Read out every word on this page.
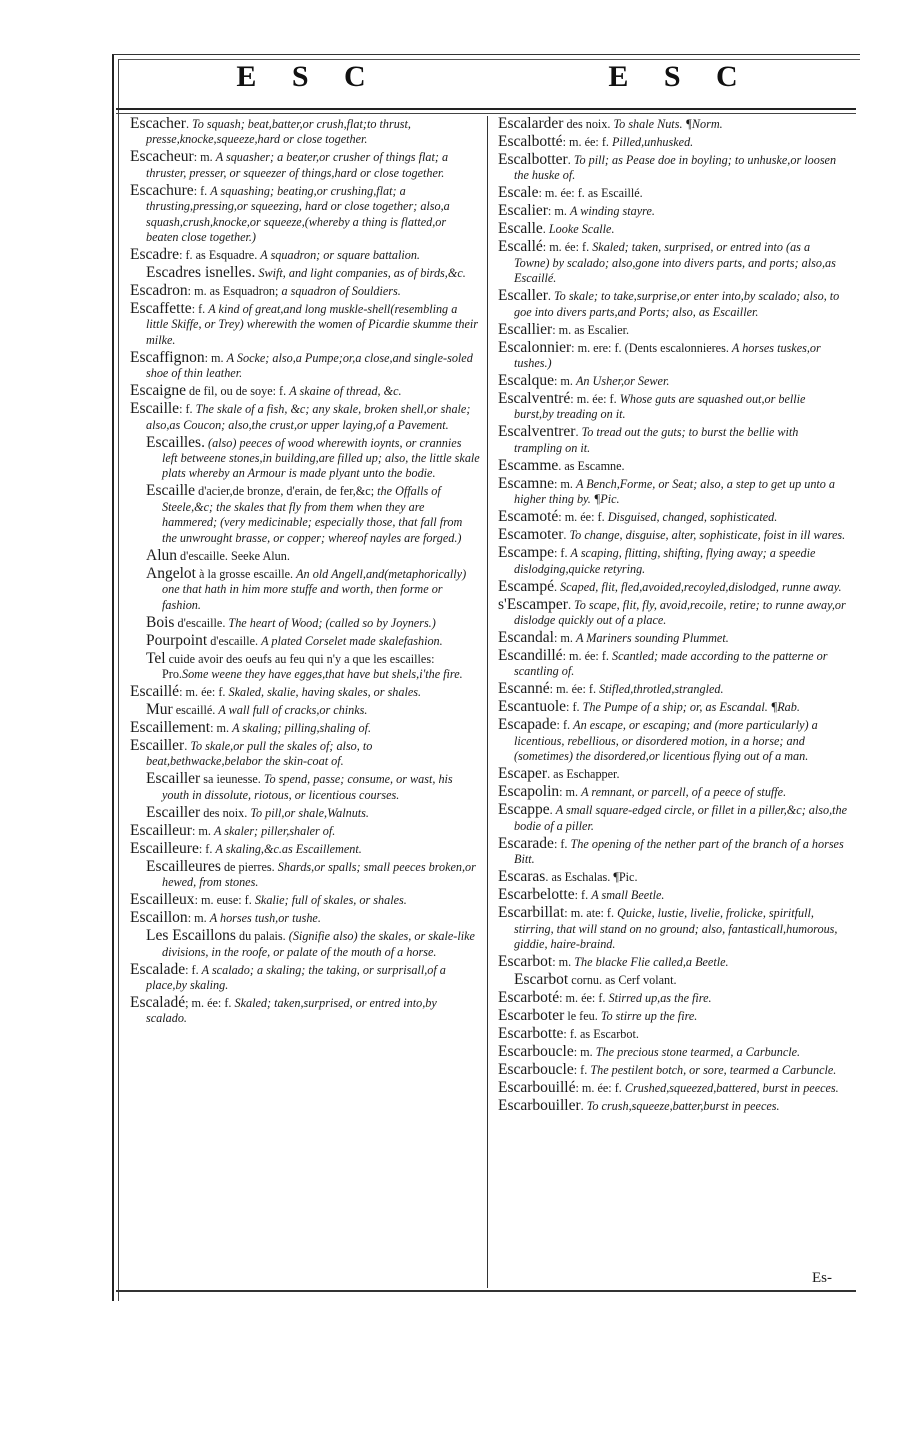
E S C	E S C

Escacher. To squash; beat,batter,or crush,flat;to thrust, presse,knocke,squeeze,hard or close together.

Escacheur: m. A squasher; a beater,or crusher of things flat; a thruster, presser, or squeezer of things,hard or close together.

Escachure: f. A squashing; beating,or crushing,flat; a thrusting,pressing,or squeezing, hard or close together; also,a squash,crush,knocke,or squeeze,(whereby a thing is flatted,or beaten close together.)

Escadre: f. as Esquadre. A squadron; or square battalion.

Escadres isnelles. Swift, and light companies, as of birds,&c.

Escadron: m. as Esquadron; a squadron of Souldiers.

Escaffette: f. A kind of great,and long muskle-shell(resembling a little Skiffe, or Trey) wherewith the women of Picardie skumme their milke.

Escaffignon: m. A Socke; also,a Pumpe;or,a close,and single-soled shoe of thin leather.

Escaigne de fil, ou de soye: f. A skaine of thread, &c.

Escaille: f. The skale of a fish, &c; any skale, broken shell,or shale; also,as Coucon; also,the crust,or upper laying,of a Pavement.

Escailles. (also) peeces of wood wherewith ioynts, or crannies left betweene stones,in building,are filled up; also, the little skale plats whereby an Armour is made plyant unto the bodie.

Escaille d'acier,de bronze, d'erain, de fer,&c; the Offalls of Steele,&c; the skales that fly from them when they are hammered; (very medicinable; especially those, that fall from the unwrought brasse, or copper; whereof nayles are forged.)

Alun d'escaille. Seeke Alun.

Angelot à la grosse escaille. An old Angell,and(metaphorically) one that hath in him more stuffe and worth, then forme or fashion.

Bois d'escaille. The heart of Wood; (called so by Joyners.)

Pourpoint d'escaille. A plated Corselet made skalefashion.

Tel cuide avoir des oeufs au feu qui n'y a que les escailles: Pro.Some weene they have egges,that have but shels,i'the fire.

Escaillé: m. ée: f. Skaled, skalie, having skales, or shales.

Mur escaillé. A wall full of cracks,or chinks.

Escaillement: m. A skaling; pilling,shaling of.

Escailler. To skale,or pull the skales of; also, to beat,bethwacke,belabor the skin-coat of.

Escailler sa ieunesse. To spend, passe; consume, or wast, his youth in dissolute, riotous, or licentious courses.

Escailler des noix. To pill,or shale,Walnuts.

Escailleur: m. A skaler; piller,shaler of.

Escailleure: f. A skaling,&c.as Escaillement.

Escailleures de pierres. Shards,or spalls; small peeces broken,or hewed, from stones.

Escailleux: m. euse: f. Skalie; full of skales, or shales.

Escaillon: m. A horses tush,or tushe.

Les Escaillons du palais. (Signifie also) the skales, or skale-like divisions, in the roofe, or palate of the mouth of a horse.

Escalade: f. A scalado; a skaling; the taking, or surprisall,of a place,by skaling.

Escaladé; m. ée: f. Skaled; taken,surprised, or entred into,by scalado.

Escalarder des noix. To shale Nuts. ¶Norm.

Escalbotté: m. ée: f. Pilled,unhusked.

Escalbotter. To pill; as Pease doe in boyling; to unhuske,or loosen the huske of.

Escale: m. ée: f. as Escaillé.

Escalier: m. A winding stayre.

Escalle. Looke Scalle.

Escallé: m. ée: f. Skaled; taken, surprised, or entred into (as a Towne) by scalado; also,gone into divers parts, and ports; also,as Escaillé.

Escaller. To skale; to take,surprise,or enter into,by scalado; also, to goe into divers parts,and Ports; also, as Escailler.

Escallier: m. as Escalier.

Escalonnier: m. ere: f. (Dents escalonnieres. A horses tuskes,or tushes.)

Escalque: m. An Usher,or Sewer.

Escalventré: m. ée: f. Whose guts are squashed out,or bellie burst,by treading on it.

Escalventrer. To tread out the guts; to burst the bellie with trampling on it.

Escamme. as Escamne.

Escamne: m. A Bench,Forme, or Seat; also, a step to get up unto a higher thing by. ¶Pic.

Escamoté: m. ée: f. Disguised, changed, sophisticated.

Escamoter. To change, disguise, alter, sophisticate, foist in ill wares.

Escampe: f. A scaping, flitting, shifting, flying away; a speedie dislodging,quicke retyring.

Escampé. Scaped, flit, fled,avoided,recoyled,dislodged, runne away.

s'Escamper. To scape, flit, fly, avoid,recoile, retire; to runne away,or dislodge quickly out of a place.

Escandal: m. A Mariners sounding Plummet.

Escandillé: m. ée: f. Scantled; made according to the patterne or scantling of.

Escanné: m. ée: f. Stifled,throtled,strangled.

Escantuole: f. The Pumpe of a ship; or, as Escandal. ¶Rab.

Escapade: f. An escape, or escaping; and (more particularly) a licentious, rebellious, or disordered motion, in a horse; and (sometimes) the disordered,or licentious flying out of a man.

Escaper. as Eschapper.

Escapolin: m. A remnant, or parcell, of a peece of stuffe.

Escappe. A small square-edged circle, or fillet in a piller,&c; also,the bodie of a piller.

Escarade: f. The opening of the nether part of the branch of a horses Bitt.

Escaras. as Eschalas. ¶Pic.

Escarbelotte: f. A small Beetle.

Escarbillat: m. ate: f. Quicke, lustie, livelie, frolicke, spiritfull, stirring, that will stand on no ground; also, fantasticall,humorous, giddie, haire-braind.

Escarbot: m. The blacke Flie called,a Beetle.

Escarbot cornu. as Cerf volant.

Escarboté: m. ée: f. Stirred up,as the fire.

Escarboter le feu. To stirre up the fire.

Escarbotte: f. as Escarbot.

Escarboucle: m. The precious stone tearmed, a Carbuncle.

Escarboucle: f. The pestilent botch, or sore, tearmed a Carbuncle.

Escarbouillé: m. ée: f. Crushed,squeezed,battered, burst in peeces.

Escarbouiller. To crush,squeeze,batter,burst in peeces.

Es-
